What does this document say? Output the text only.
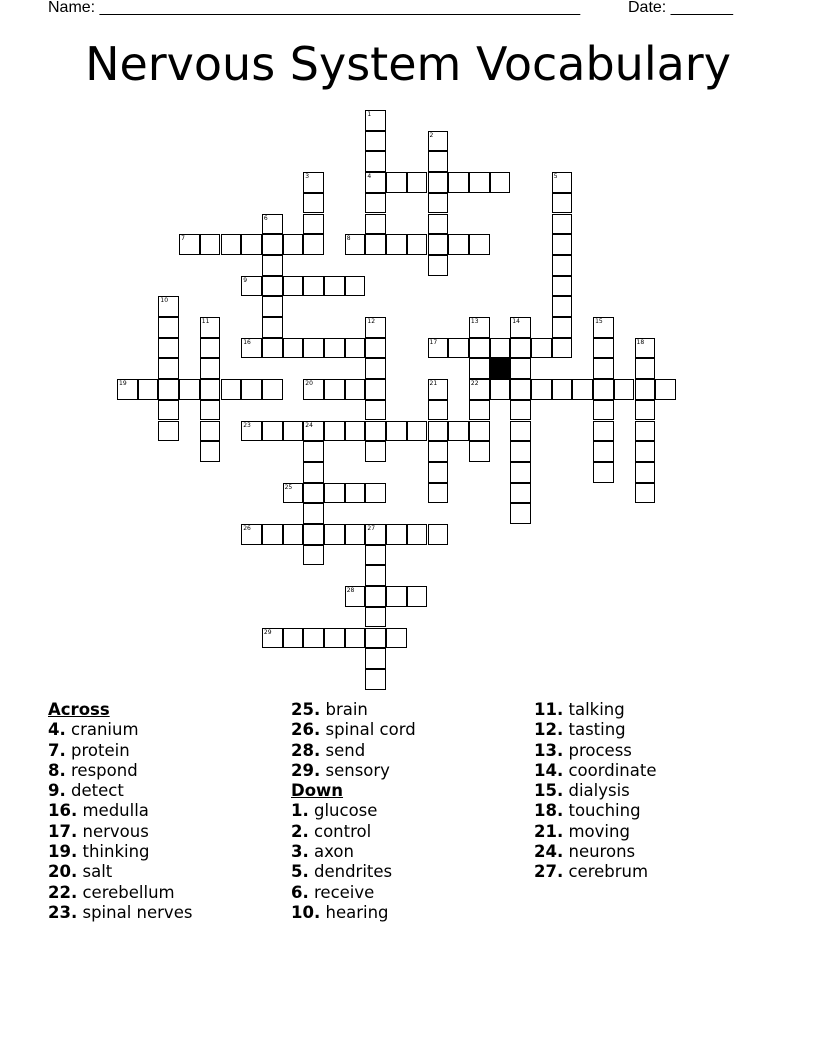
Name: ______________________________________________________	Date: _______
Nervous System Vocabulary
4
7	8
9
16	17
19	20	22
23	24
25
26	27
28
29
1
2
3	5
6
10
11	12	13	14	15
18
21
Across
4. cranium
7. protein
8. respond
9. detect
16. medulla
17. nervous
19. thinking
20. salt
22. cerebellum
23. spinal nerves
25. brain
26. spinal cord
28. send
29. sensory
Down
1. glucose
2. control
3. axon
5. dendrites
6. receive
10. hearing
11. talking
12. tasting
13. process
14. coordinate
15. dialysis
18. touching
21. moving
24. neurons
27. cerebrum
